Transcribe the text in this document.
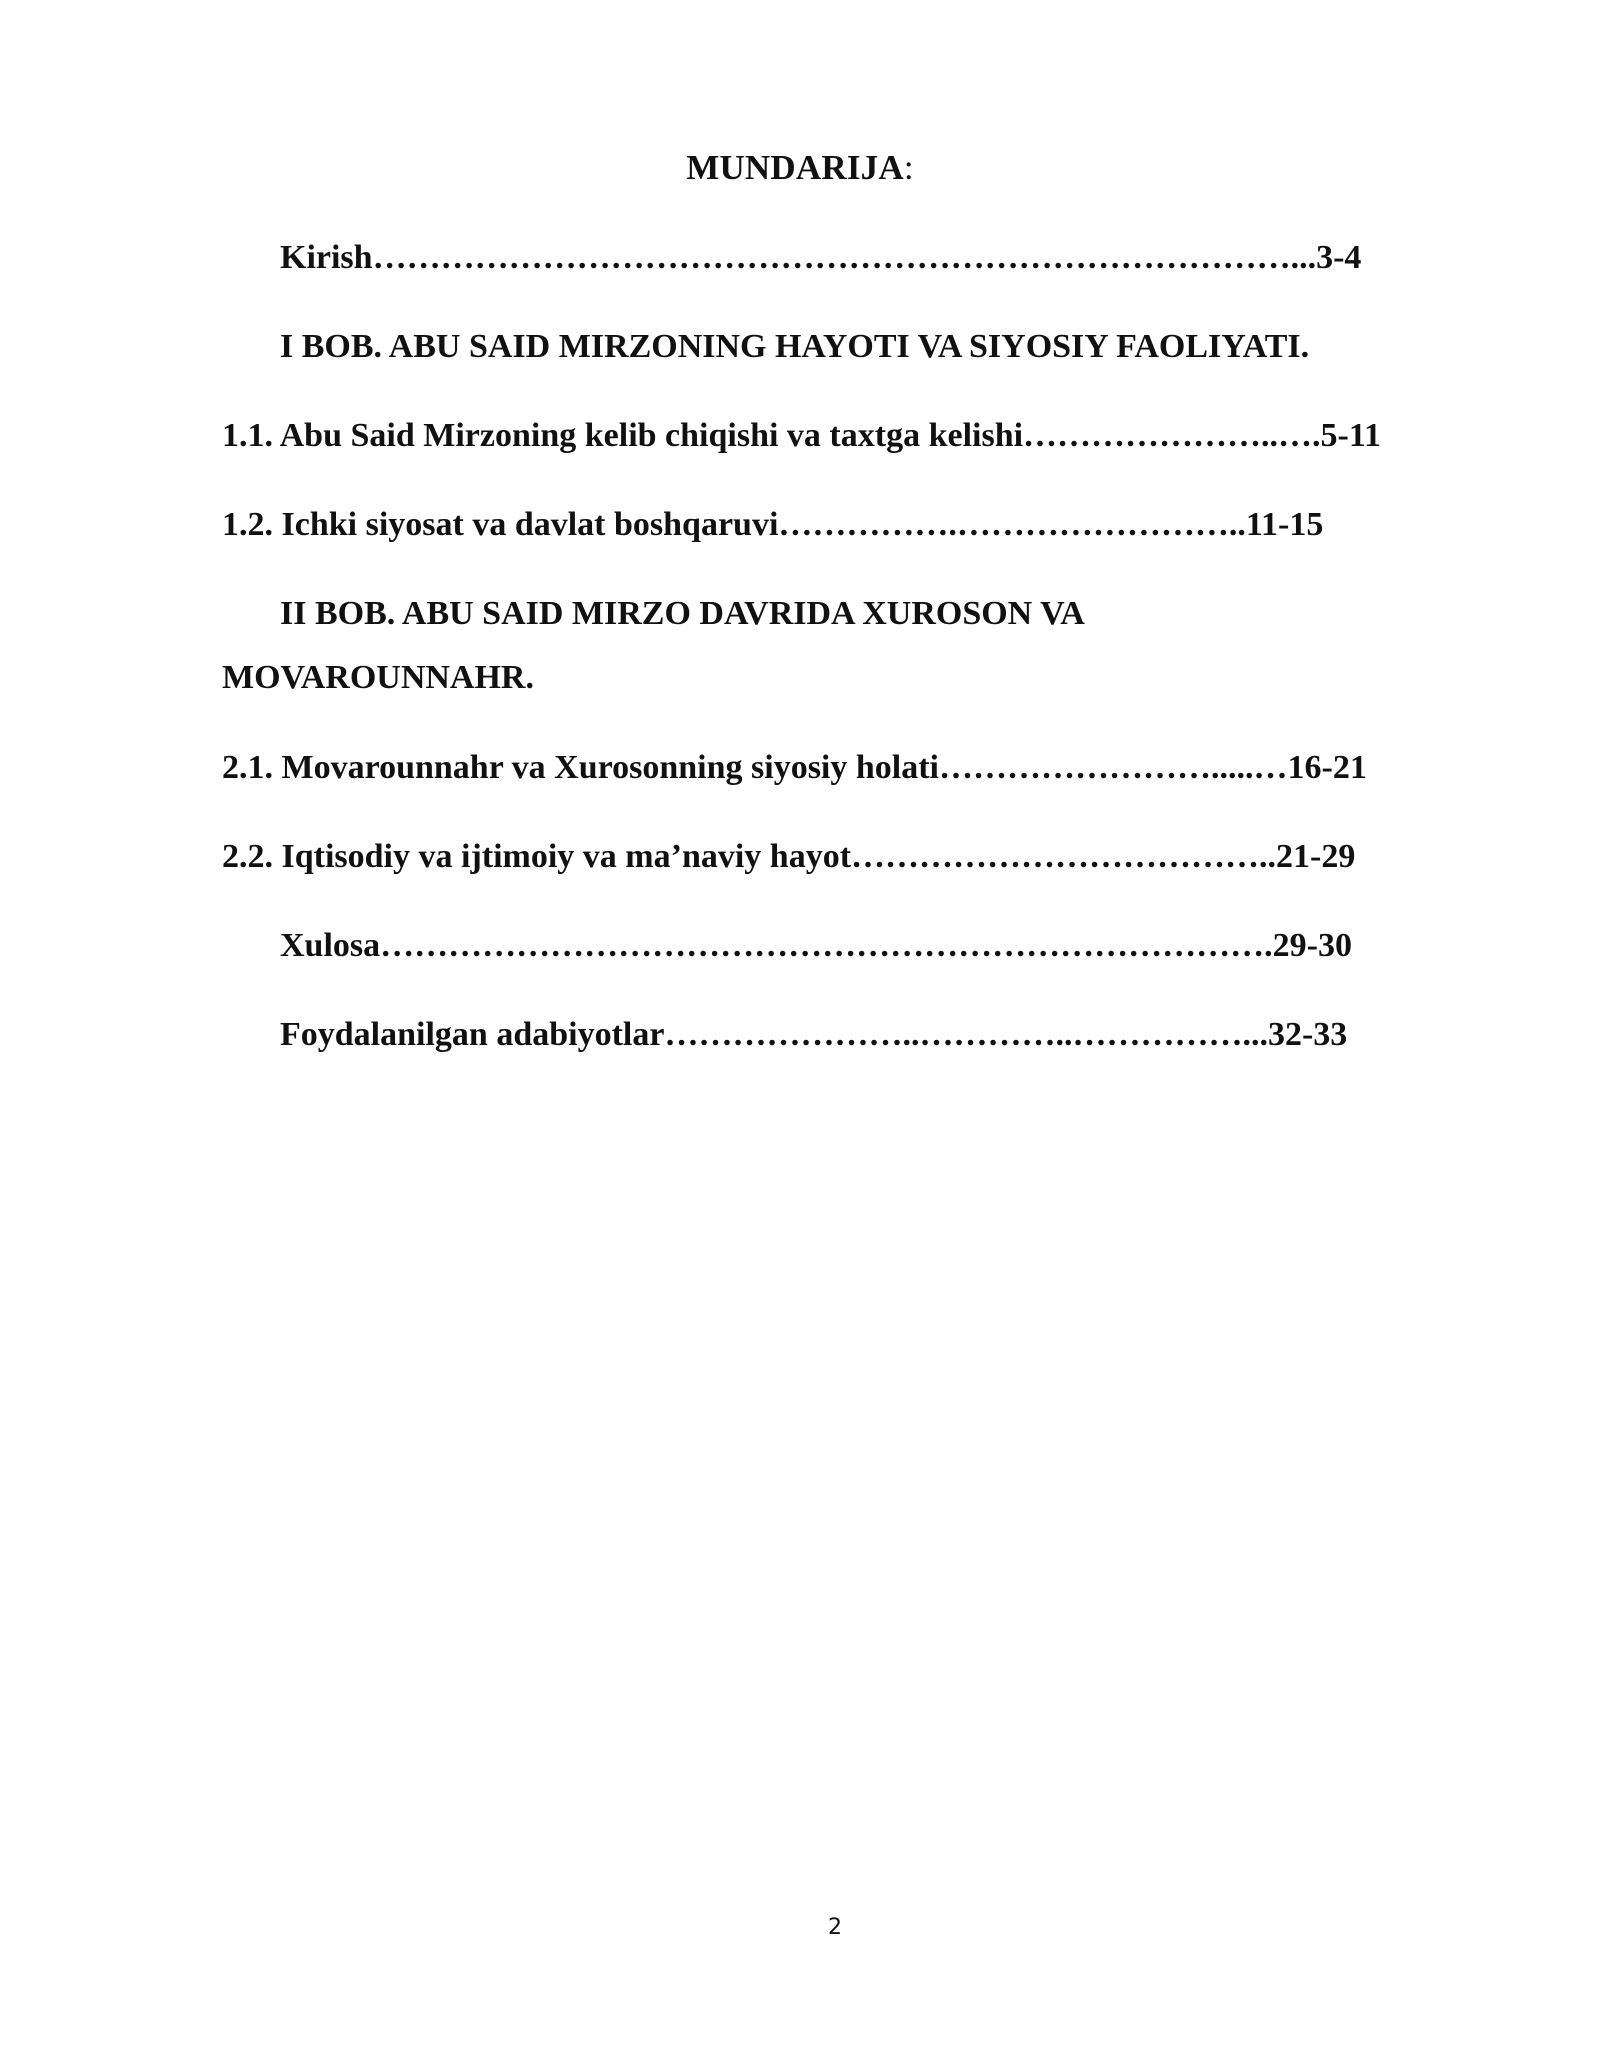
MUNDARIJA:
Kirish………………………………………………………………………...3-4
I BOB. ABU SAID MIRZONING HAYOTI VA SIYOSIY FAOLIYATI.
1.1. Abu Said Mirzoning kelib chiqishi va taxtga kelishi…………………..….5-11
1.2. Ichki siyosat va davlat boshqaruvi…………….……………………..11-15
II BOB. ABU SAID MIRZO DAVRIDA XUROSON VA
MOVAROUNNAHR.
2.1. Movarounnahr va Xurosonning siyosiy holati…………………….....…16-21
2.2. Iqtisodiy va ijtimoiy va ma’naviy hayot………………………………..21-29
Xulosa…………………………………………………………………….29-30
Foydalanilgan adabiyotlar…………………..…………..……………...32-33
2
